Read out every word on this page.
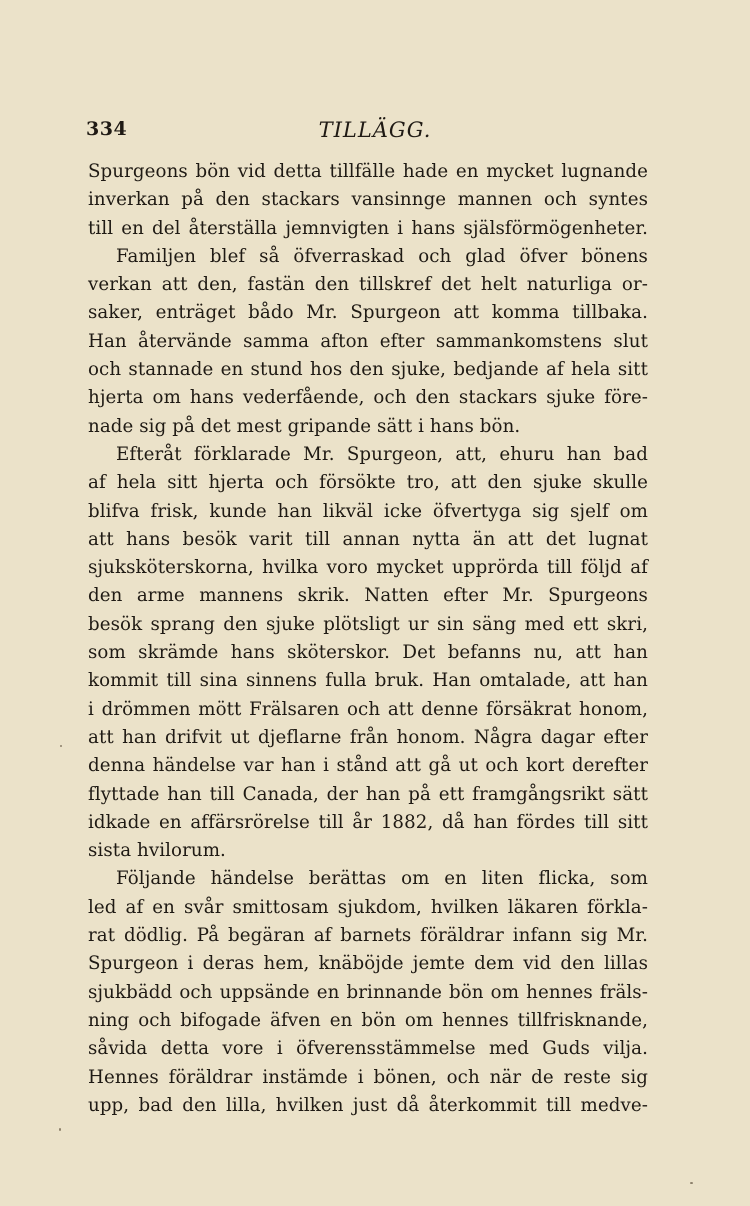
334	TILLÄGG.
Spurgeons bön vid detta tillfälle hade en mycket lugnande
inverkan på den stackars vansinnge mannen och syntes
till en del återställa jemnvigten i hans själsförmögenheter.
Familjen blef så öfverraskad och glad öfver bönens
verkan att den, fastän den tillskref det helt naturliga or-
saker, enträget bådo Mr. Spurgeon att komma tillbaka.
Han återvände samma afton efter sammankomstens slut
och stannade en stund hos den sjuke, bedjande af hela sitt
hjerta om hans vederfående, och den stackars sjuke före-
nade sig på det mest gripande sätt i hans bön.
Efteråt förklarade Mr. Spurgeon, att, ehuru han bad
af hela sitt hjerta och försökte tro, att den sjuke skulle
blifva frisk, kunde han likväl icke öfvertyga sig sjelf om
att hans besök varit till annan nytta än att det lugnat
sjuksköterskorna, hvilka voro mycket upprörda till följd af
den arme mannens skrik. Natten efter Mr. Spurgeons
besök sprang den sjuke plötsligt ur sin säng med ett skri,
som skrämde hans sköterskor. Det befanns nu, att han
kommit till sina sinnens fulla bruk. Han omtalade, att han
i drömmen mött Frälsaren och att denne försäkrat honom,
att han drifvit ut djeflarne från honom. Några dagar efter
denna händelse var han i stånd att gå ut och kort derefter
flyttade han till Canada, der han på ett framgångsrikt sätt
idkade en affärsrörelse till år 1882, då han fördes till sitt
sista hvilorum.
Följande händelse berättas om en liten flicka, som
led af en svår smittosam sjukdom, hvilken läkaren förkla-
rat dödlig. På begäran af barnets föräldrar infann sig Mr.
Spurgeon i deras hem, knäböjde jemte dem vid den lillas
sjukbädd och uppsände en brinnande bön om hennes fräls-
ning och bifogade äfven en bön om hennes tillfrisknande,
såvida detta vore i öfverensstämmelse med Guds vilja.
Hennes föräldrar instämde i bönen, och när de reste sig
upp, bad den lilla, hvilken just då återkommit till medve-
